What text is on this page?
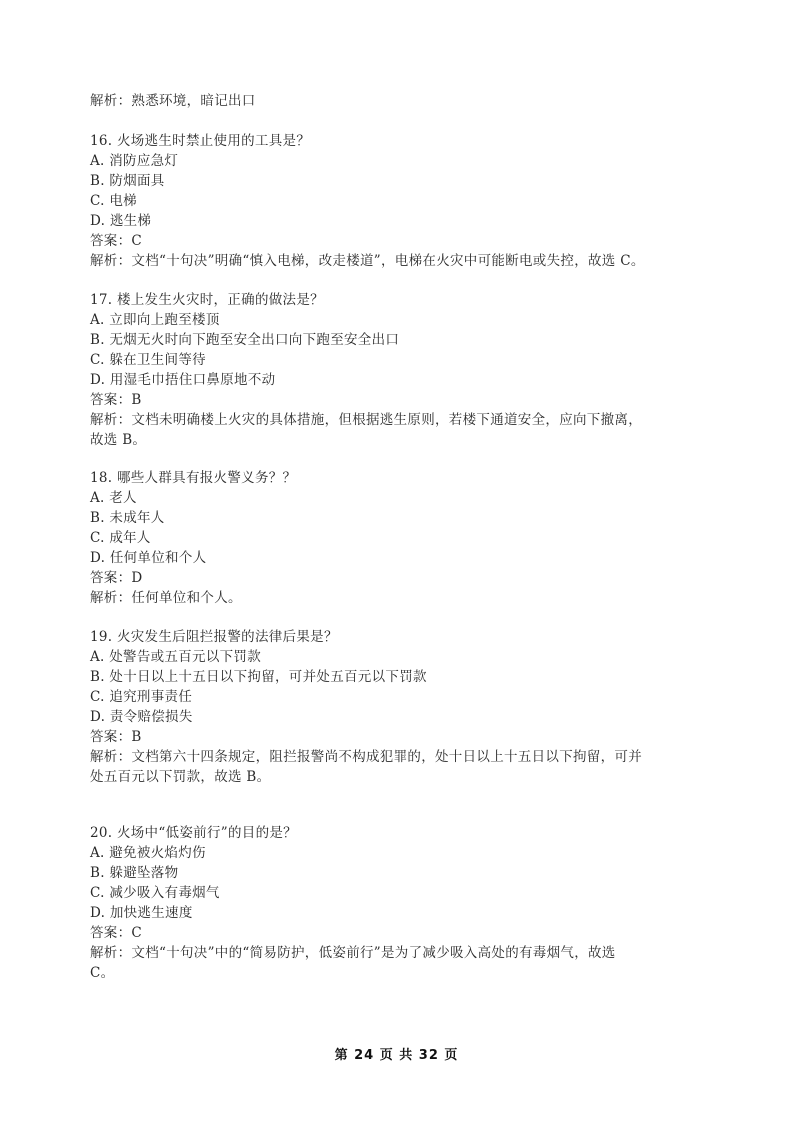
解析：熟悉环境，暗记出口
16. 火场逃生时禁止使用的工具是？
A. 消防应急灯
B. 防烟面具
C. 电梯
D. 逃生梯
答案：C
解析：文档“十句决”明确“慎入电梯，改走楼道”，电梯在火灾中可能断电或失控，故选 C。
17. 楼上发生火灾时，正确的做法是？
A. 立即向上跑至楼顶
B. 无烟无火时向下跑至安全出口向下跑至安全出口
C. 躲在卫生间等待
D. 用湿毛巾捂住口鼻原地不动
答案：B
解析：文档未明确楼上火灾的具体措施，但根据逃生原则，若楼下通道安全，应向下撤离，
故选 B。
18. 哪些人群具有报火警义务？？
A. 老人
B. 未成年人
C. 成年人
D. 任何单位和个人
答案：D
解析：任何单位和个人。
19. 火灾发生后阻拦报警的法律后果是？
A. 处警告或五百元以下罚款
B. 处十日以上十五日以下拘留，可并处五百元以下罚款
C. 追究刑事责任
D. 责令赔偿损失
答案：B
解析：文档第六十四条规定，阻拦报警尚不构成犯罪的，处十日以上十五日以下拘留，可并
处五百元以下罚款，故选 B。
20. 火场中“低姿前行”的目的是？
A. 避免被火焰灼伤
B. 躲避坠落物
C. 减少吸入有毒烟气
D. 加快逃生速度
答案：C
解析：文档“十句决”中的“简易防护，低姿前行”是为了减少吸入高处的有毒烟气，故选
C。
第 24 页 共 32 页
